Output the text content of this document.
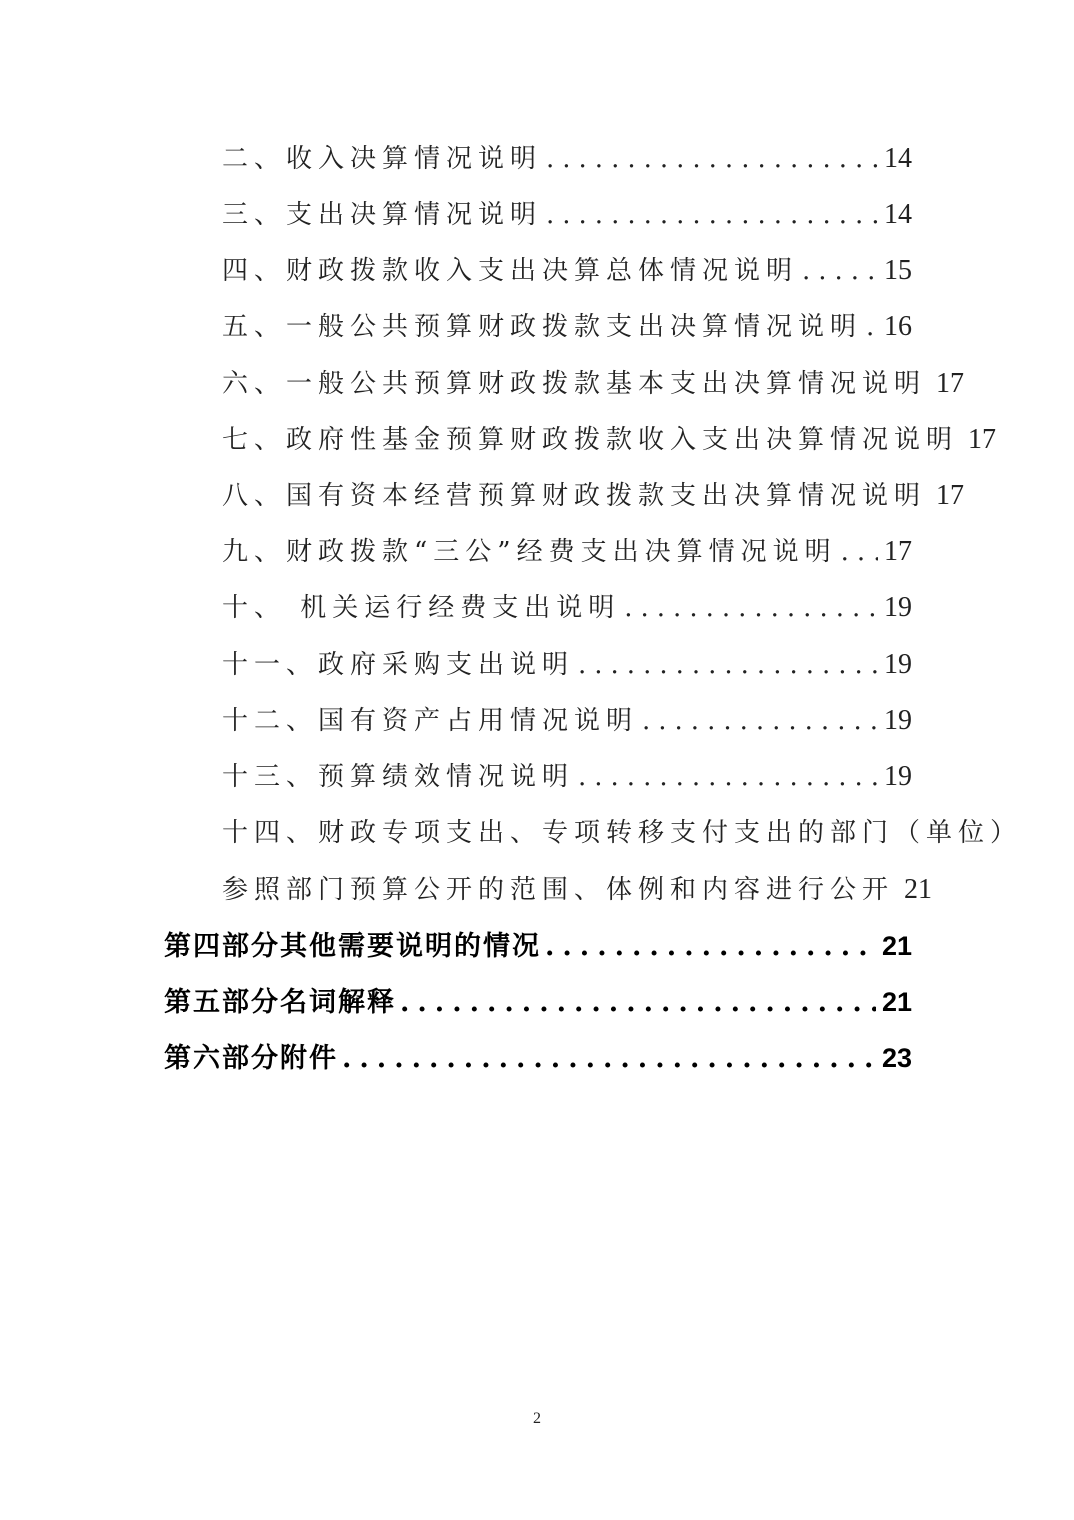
二、收入决算情况说明 .....	14
三、支出决算情况说明 .....	14
四、财政拨款收入支出决算总体情况说明 .....	15
五、一般公共预算财政拨款支出决算情况说明 ..... 16
六、一般公共预算财政拨款基本支出决算情况说明 17
七、政府性基金预算财政拨款收入支出决算情况说明 17
八、国有资本经营预算财政拨款支出决算情况说明 17
九、财政拨款“三公”经费支出决算情况说明 ..... 17
十、 机关运行经费支出说明 .....	19
十一、政府采购支出说明 .....	19
十二、国有资产占用情况说明 .....	19
十三、预算绩效情况说明 .....	19
十四、财政专项支出、专项转移支付支出的部门（单位）
参照部门预算公开的范围、体例和内容进行公开 21
第四部分其他需要说明的情况 .....	21
第五部分名词解释 .....	21
第六部分附件 .....	23
2
